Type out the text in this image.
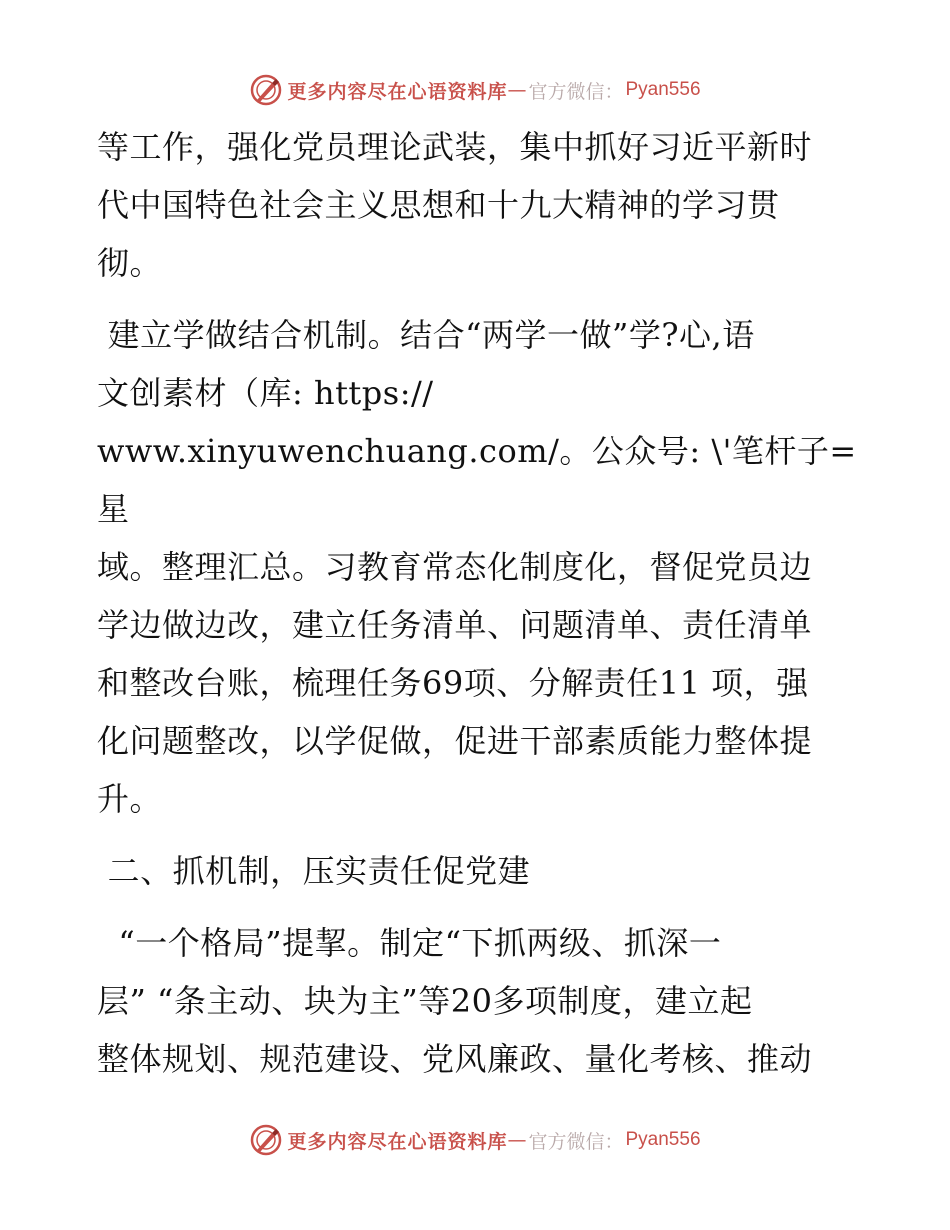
更多内容尽在心语资料库 — 官方微信： Pyan556

等工作，强化党员理论武装，集中抓好习近平新时

代中国特色社会主义思想和十九大精神的学习贯

彻。

建立学做结合机制。结合“两学一做”学?心,语

文创素材（库: https://

www.xinyuwenchuang.com/。公众号: \'笔杆子=星

域。整理汇总。习教育常态化制度化，督促党员边

学边做边改，建立任务清单、问题清单、责任清单

和整改台账，梳理任务69项、分解责任11 项，强

化问题整改，以学促做，促进干部素质能力整体提

升。

二、抓机制，压实责任促党建

“一个格局”提挈。制定“下抓两级、抓深一

层” “条主动、块为主”等20多项制度，建立起

整体规划、规范建设、党风廉政、量化考核、推动

更多内容尽在心语资料库 — 官方微信： Pyan556
